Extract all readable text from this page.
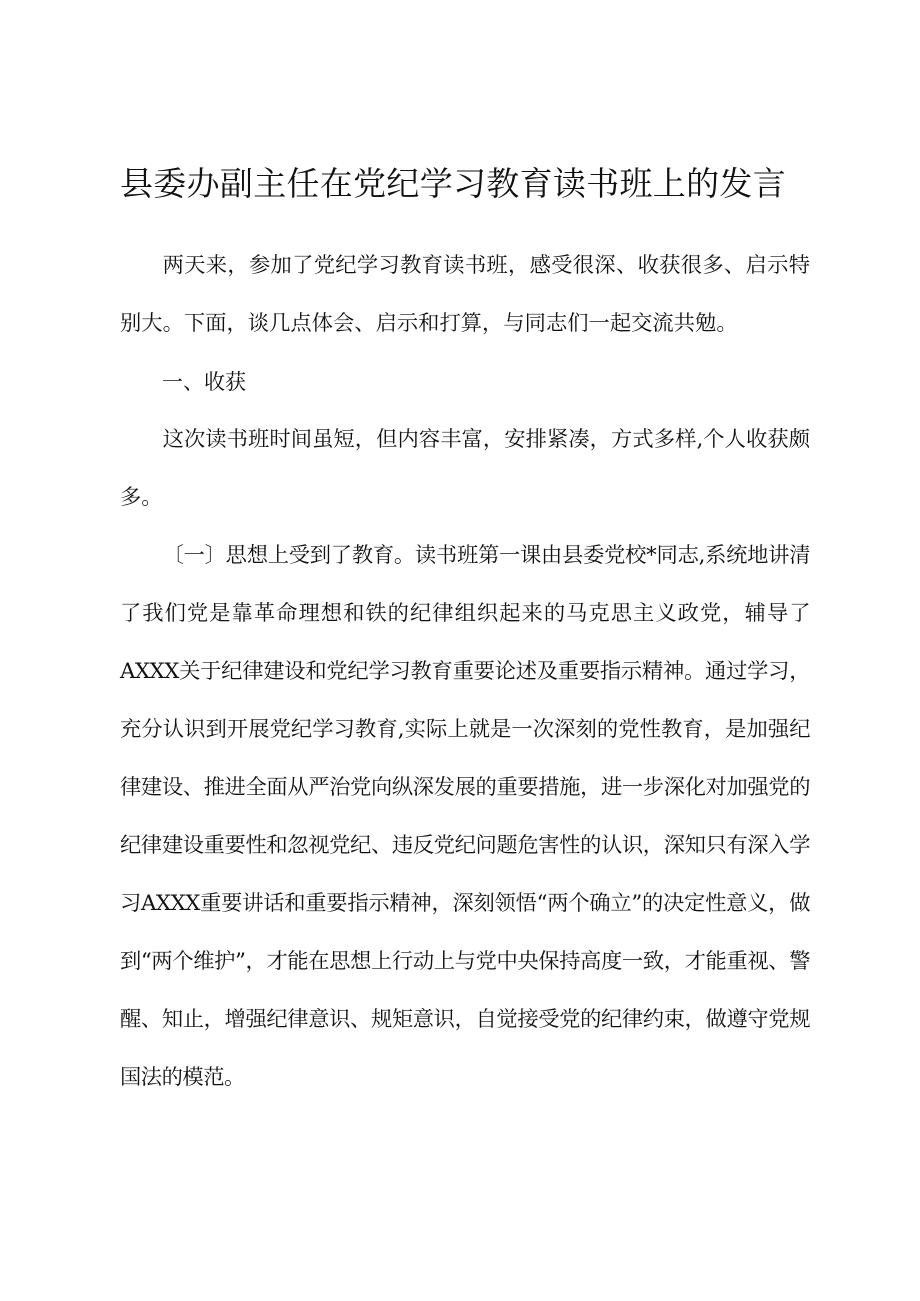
县委办副主任在党纪学习教育读书班上的发言

两天来，参加了党纪学习教育读书班，感受很深、收获很多、启示特别大。下面，谈几点体会、启示和打算，与同志们一起交流共勉。

一、收获

这次读书班时间虽短，但内容丰富，安排紧凑，方式多样,个人收获颇多。

〔一〕思想上受到了教育。读书班第一课由县委党校*同志,系统地讲清了我们党是靠革命理想和铁的纪律组织起来的马克思主义政党，辅导了AXXX关于纪律建设和党纪学习教育重要论述及重要指示精神。通过学习，充分认识到开展党纪学习教育,实际上就是一次深刻的党性教育，是加强纪律建设、推进全面从严治党向纵深发展的重要措施，进一步深化对加强党的纪律建设重要性和忽视党纪、违反党纪问题危害性的认识，深知只有深入学习AXXX重要讲话和重要指示精神，深刻领悟“两个确立”的决定性意义，做到“两个维护”，才能在思想上行动上与党中央保持高度一致，才能重视、警醒、知止，增强纪律意识、规矩意识，自觉接受党的纪律约束，做遵守党规国法的模范。
